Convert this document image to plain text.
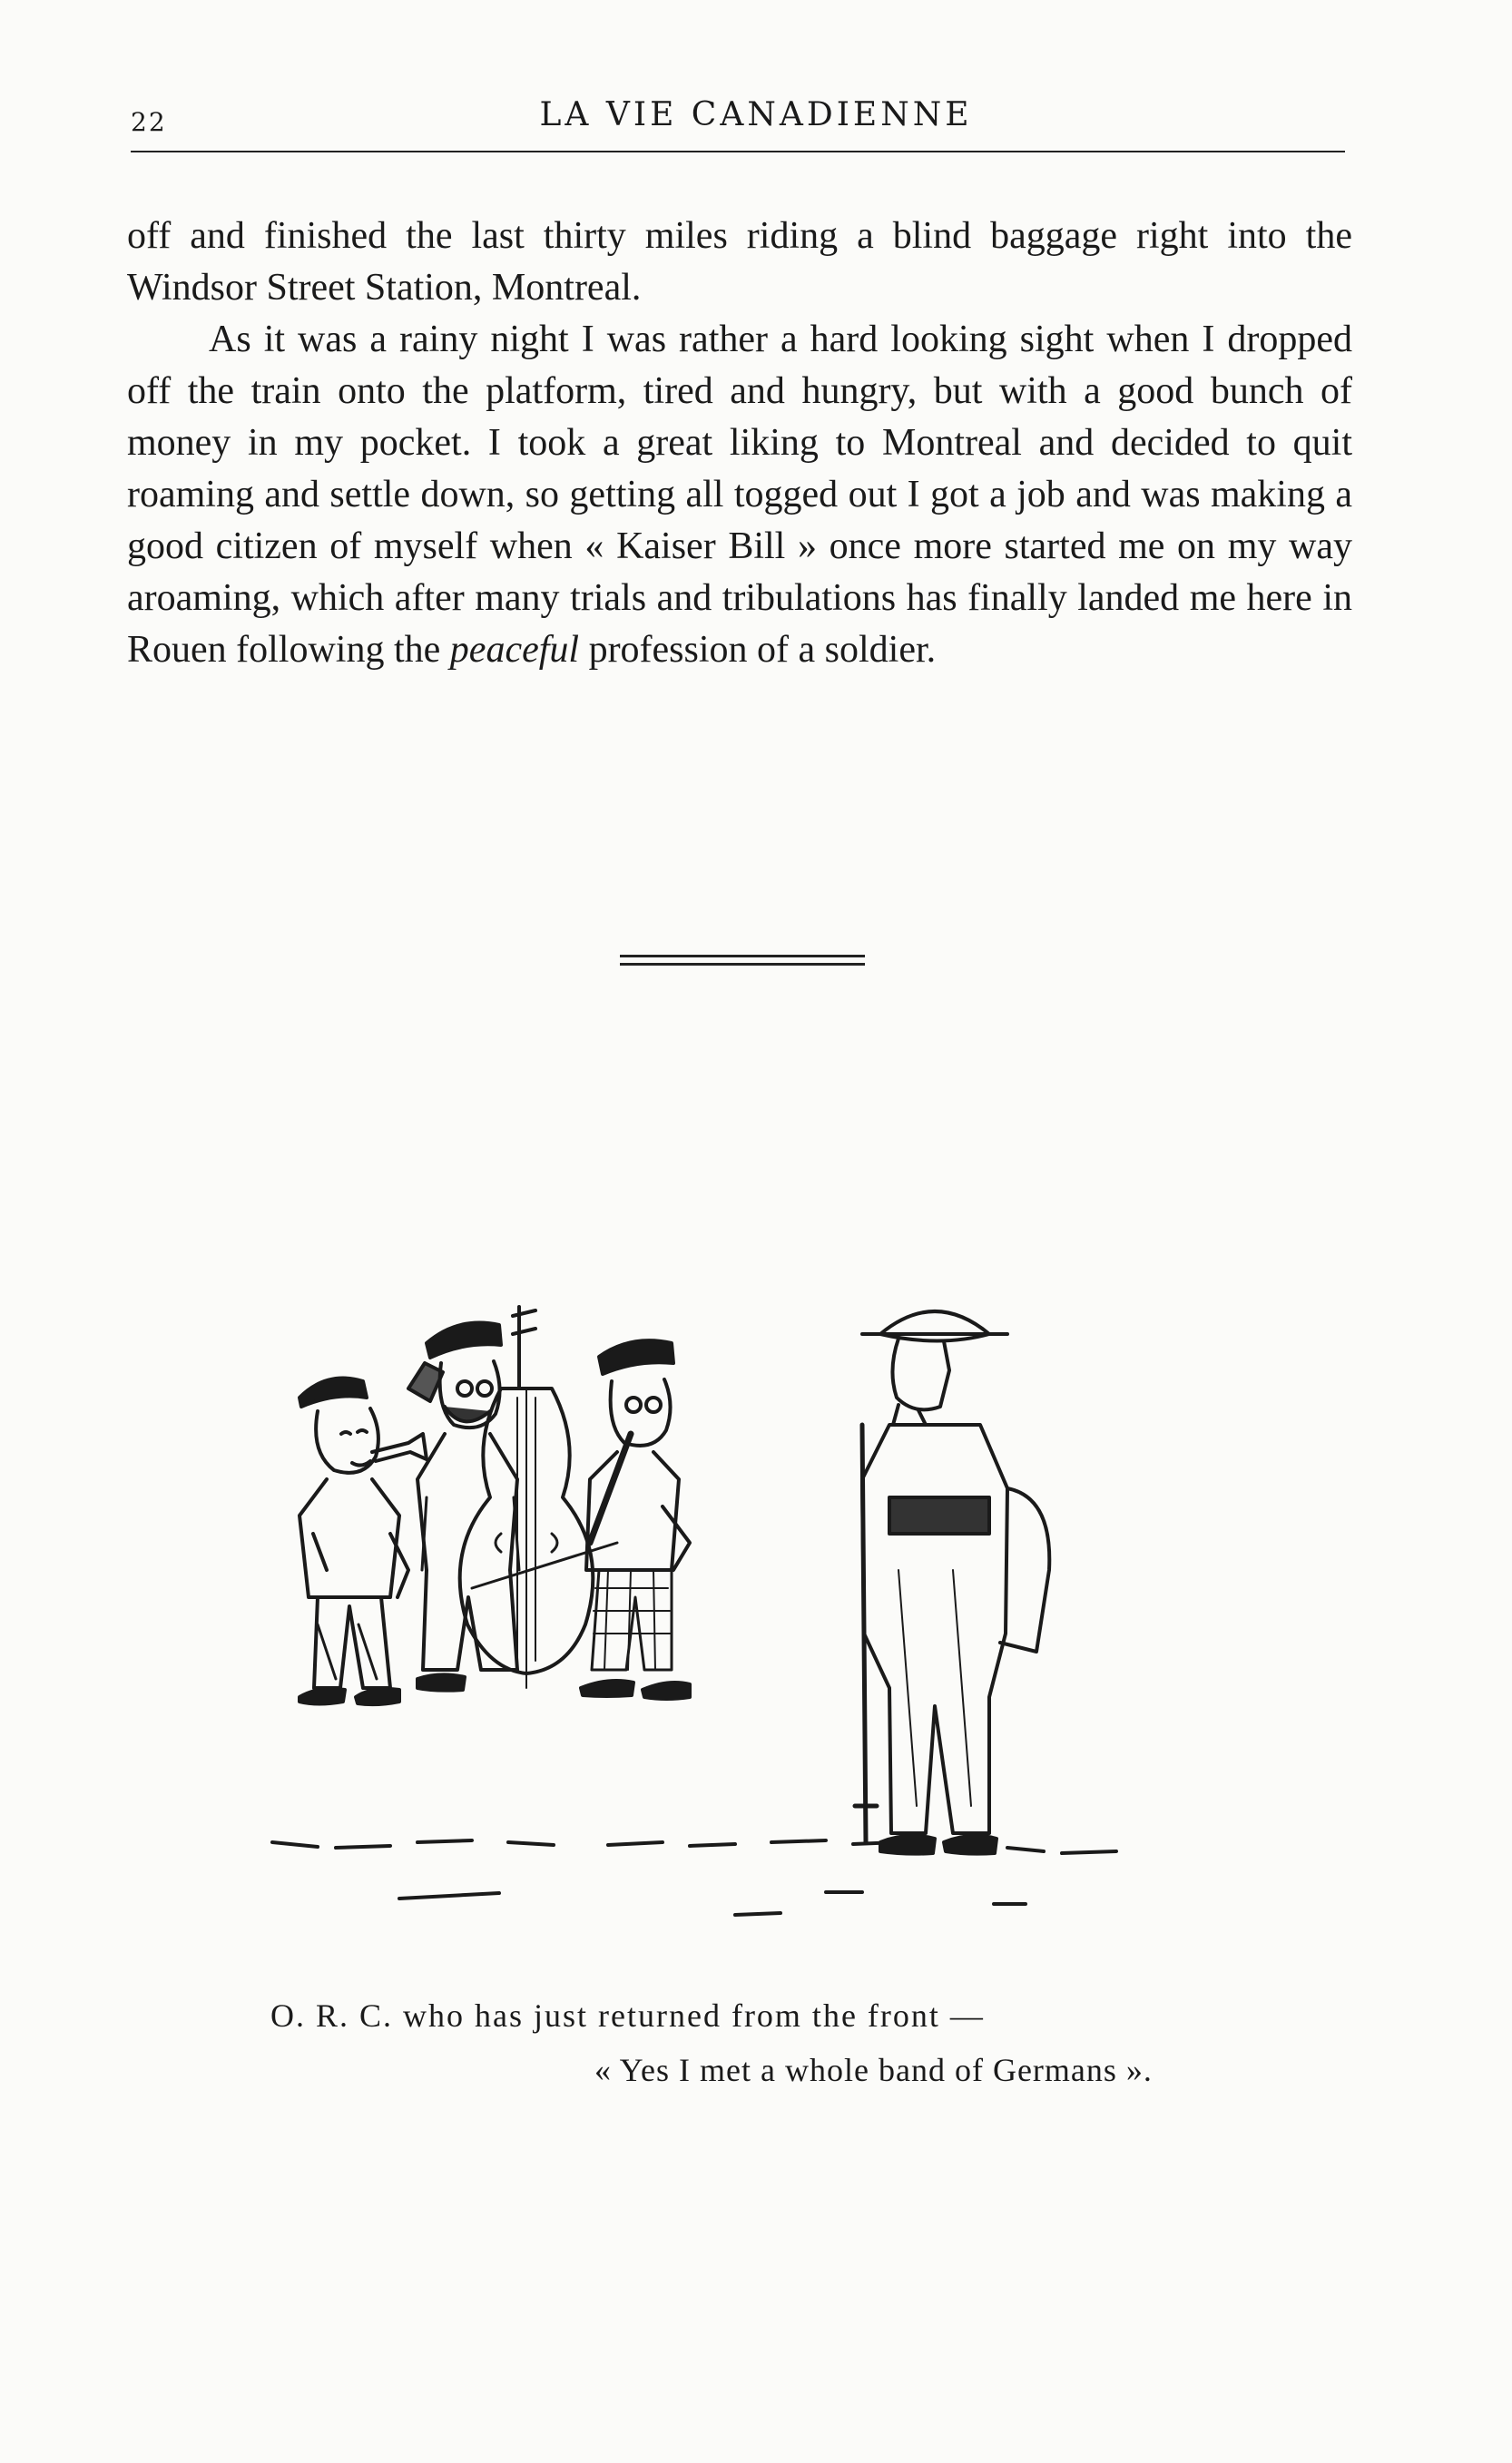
22	LA VIE CANADIENNE

off and finished the last thirty miles riding a blind baggage right into the Windsor Street Station, Montreal.

As it was a rainy night I was rather a hard looking sight when I dropped off the train onto the platform, tired and hungry, but with a good bunch of money in my pocket. I took a great liking to Montreal and decided to quit roaming and settle down, so getting all togged out I got a job and was making a good citizen of myself when « Kaiser Bill » once more started me on my way aroaming, which after many trials and tribulations has finally landed me here in Rouen following the peaceful profession of a soldier.

O. R. C. who has just returned from the front —
« Yes I met a whole band of Germans ».
